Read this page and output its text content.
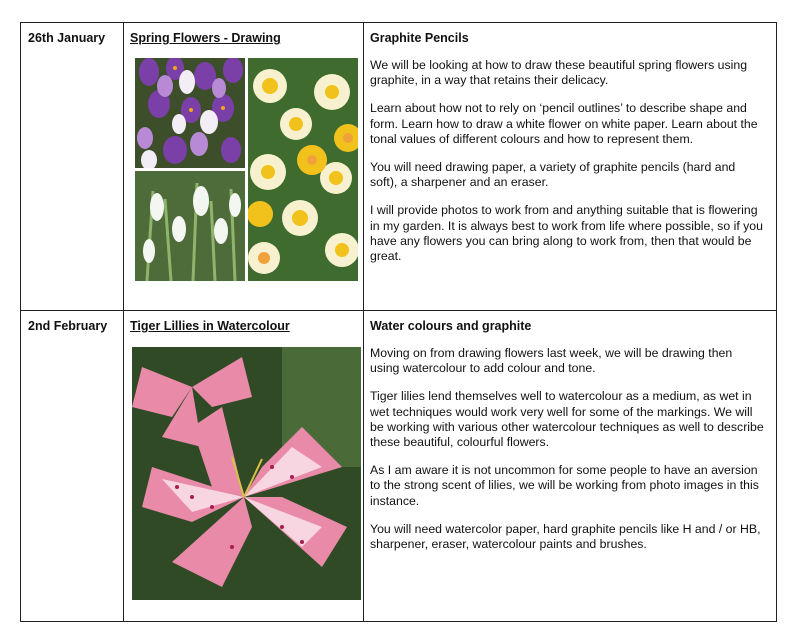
26th January	Spring Flowers - Drawing	Graphite Pencils

We will be looking at how to draw these beautiful spring flowers using graphite, in a way that retains their delicacy.

Learn about how not to rely on ‘pencil outlines’ to describe shape and form. Learn how to draw a white flower on white paper. Learn about the tonal values of different colours and how to represent them.

You will need drawing paper, a variety of graphite pencils (hard and soft), a sharpener and an eraser.

I will provide photos to work from and anything suitable that is flowering in my garden. It is always best to work from life where possible, so if you have any flowers you can bring along to work from, then that would be great.

2nd February	Tiger Lillies in Watercolour	Water colours and graphite

Moving on from drawing flowers last week, we will be drawing then using watercolour to add colour and tone.

Tiger lilies lend themselves well to watercolour as a medium, as wet in wet techniques would work very well for some of the markings. We will be working with various other watercolour techniques as well to describe these beautiful, colourful flowers.

As I am aware it is not uncommon for some people to have an aversion to the strong scent of lilies, we will be working from photo images in this instance.

You will need watercolor paper, hard graphite pencils like H and / or HB, sharpener, eraser, watercolour paints and brushes.
